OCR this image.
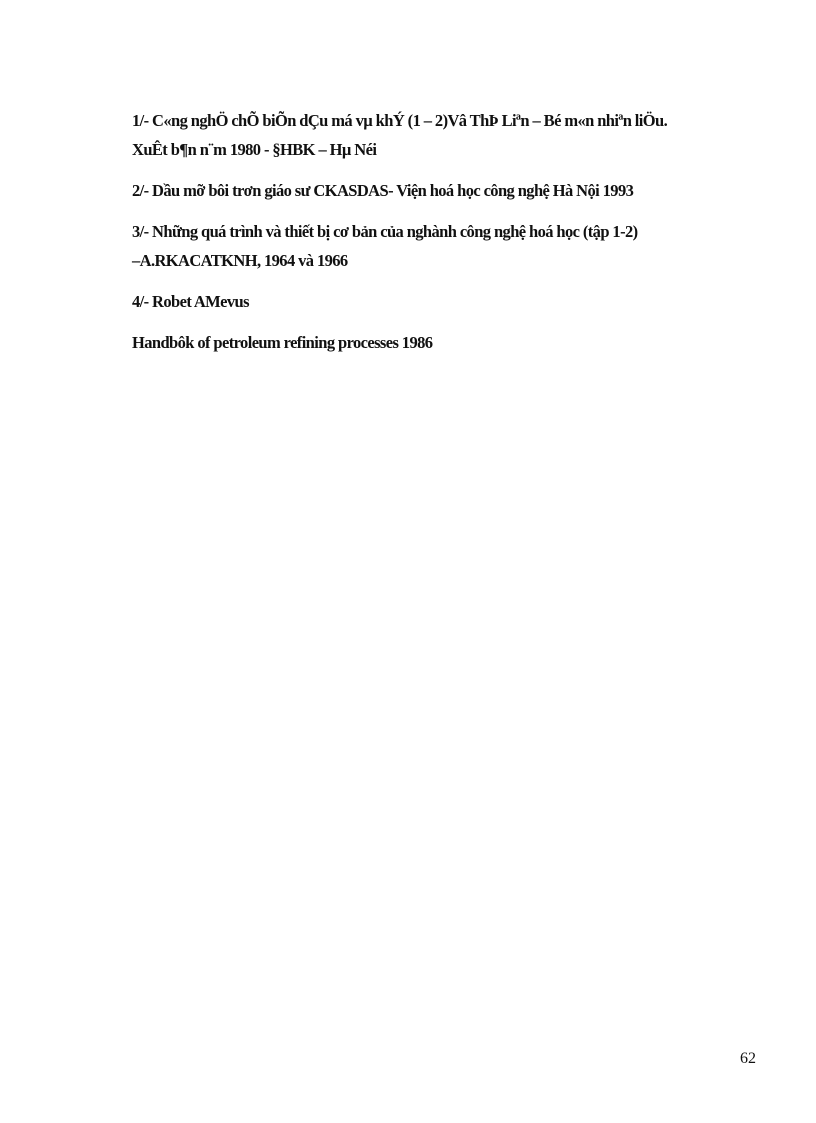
1/- C«ng nghÖ chÕ biÕn dÇu má vµ khÝ (1 – 2)Vâ ThÞ Liªn – Bé m«n nhiªn liÖu.
XuÊt b¶n n¨m 1980 - §HBK – Hµ Néi
2/- Dầu mỡ bôi trơn giáo sư CKASDAS- Viện hoá học công nghệ Hà Nội 1993
3/- Những quá trình và thiết bị cơ bản của nghành công nghệ hoá học (tập 1-2)
–A.RKACATKNH, 1964 và 1966
4/- Robet AMevus
Handbôk of petroleum refining processes 1986
62
